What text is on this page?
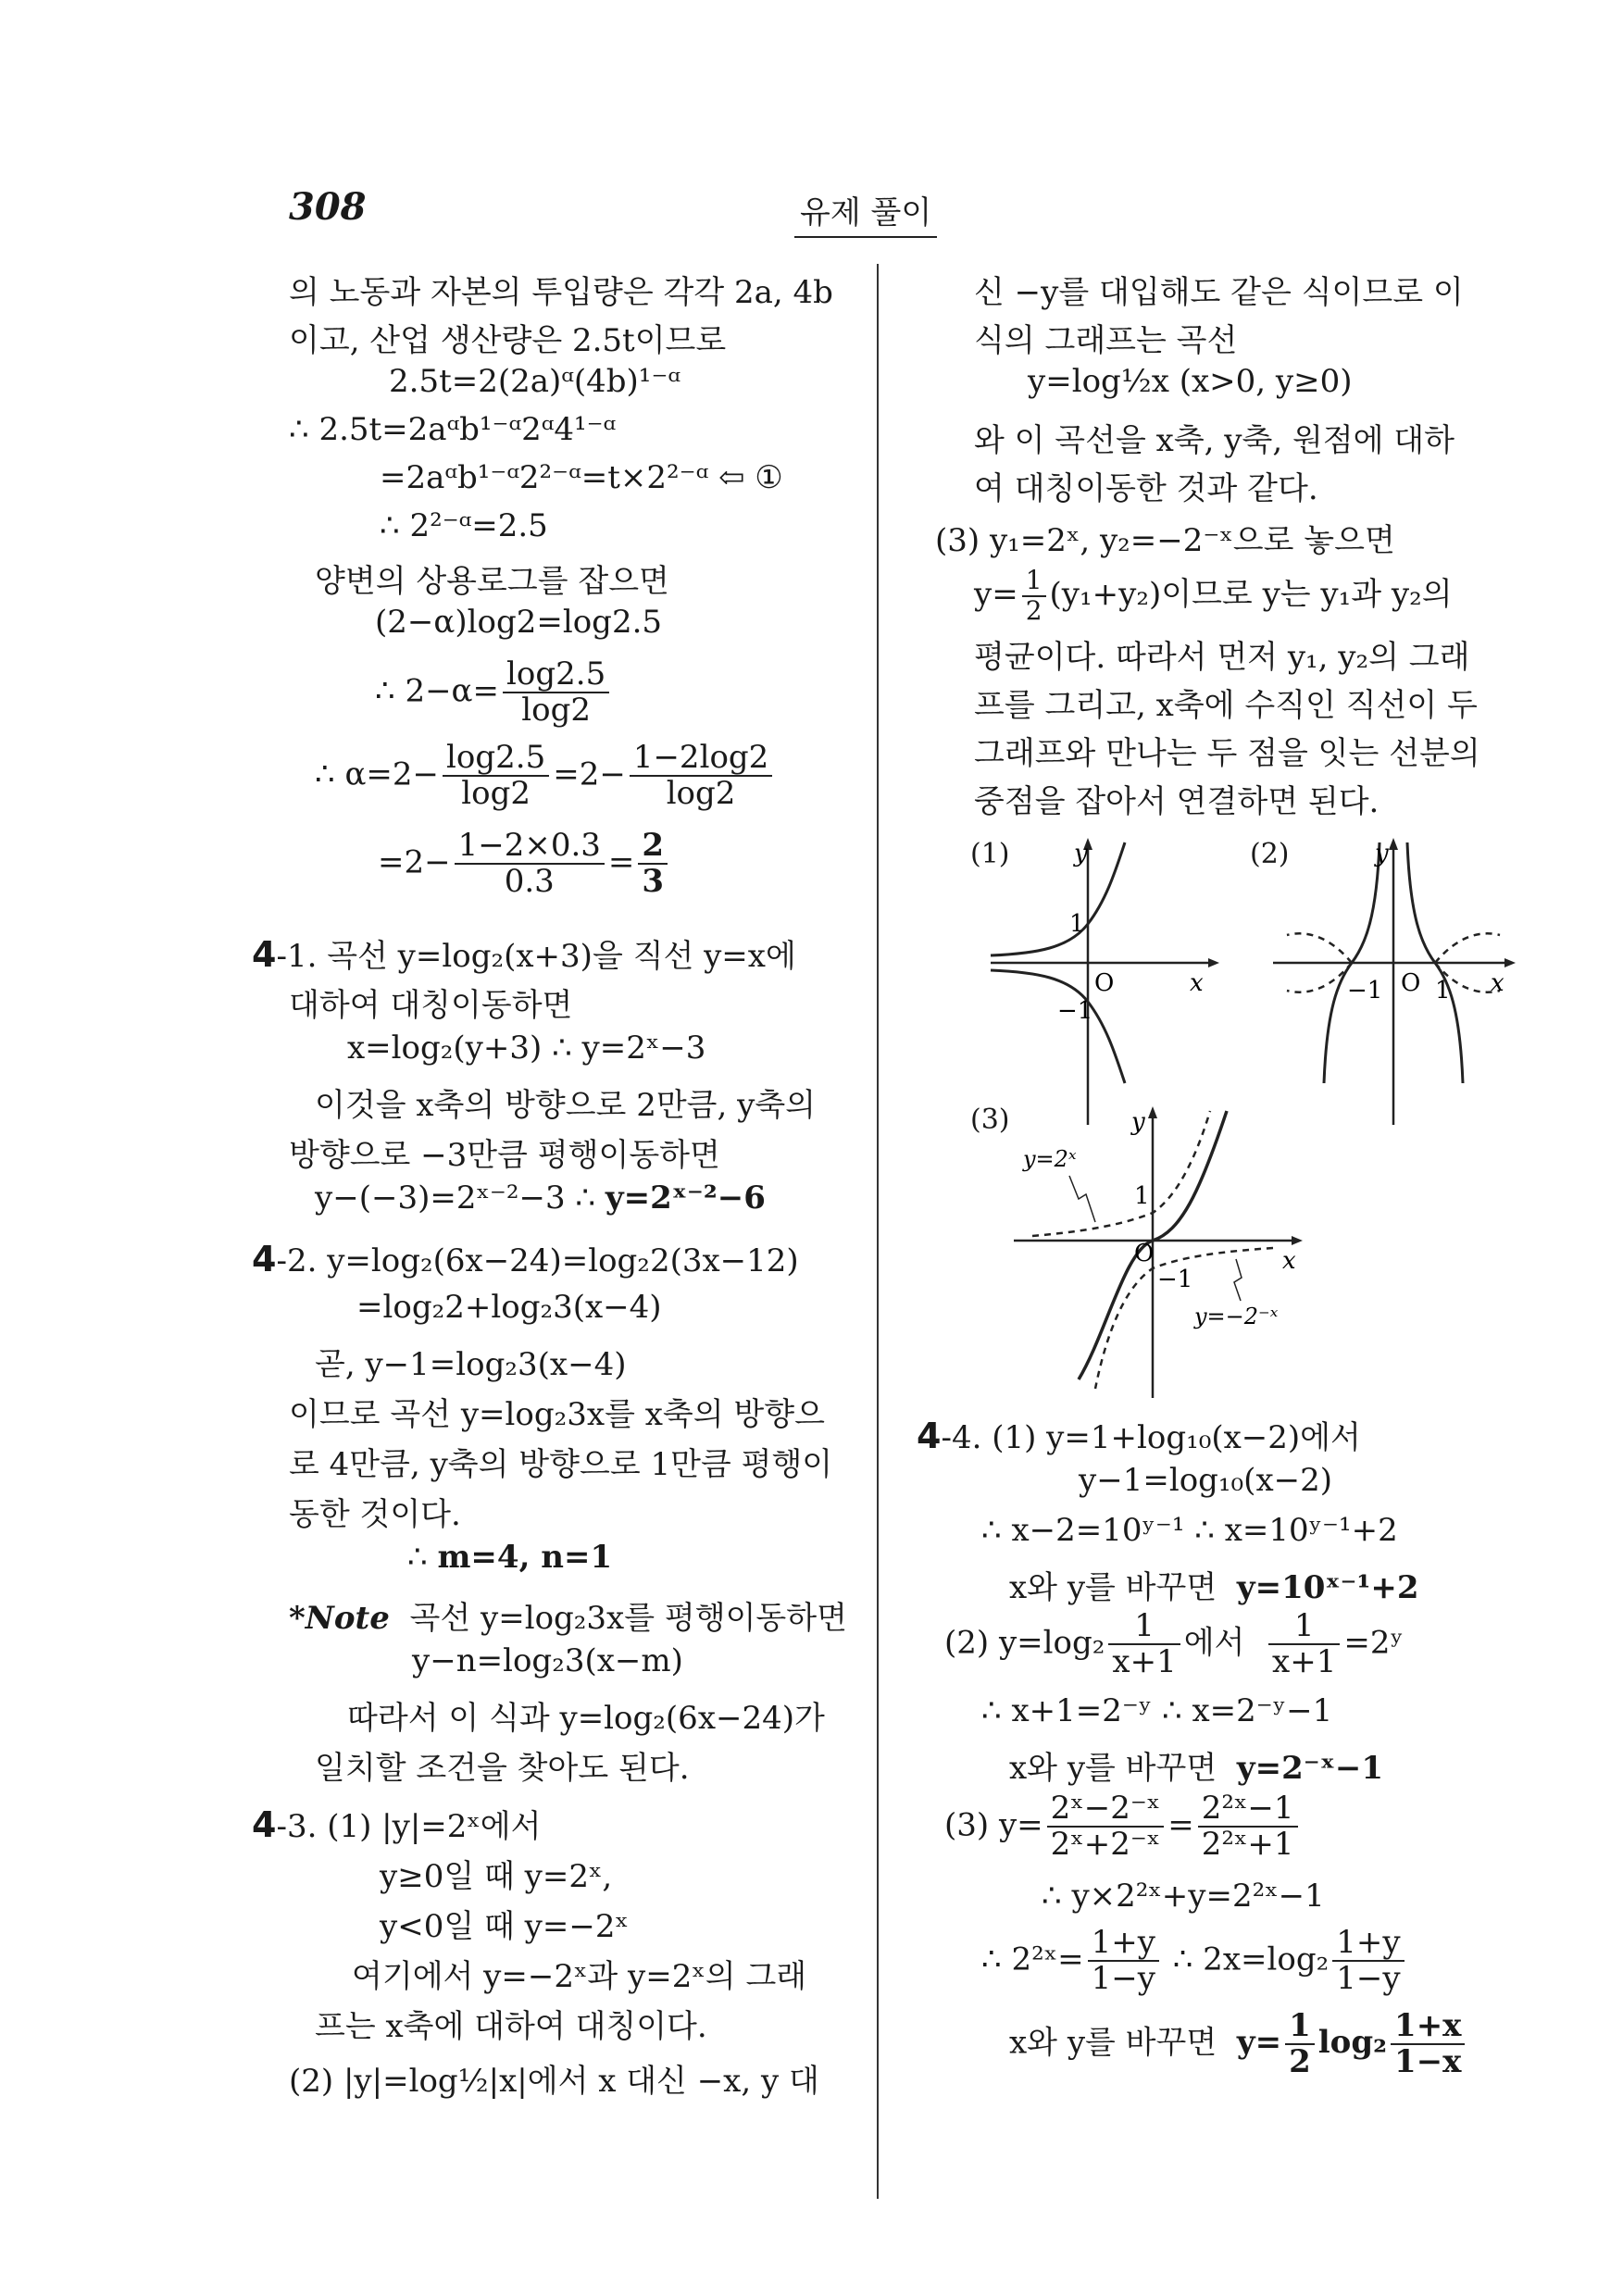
308	유제 풀이
의 노동과 자본의 투입량은 각각 2a, 4b
이고, 산업 생산량은 2.5t이므로
2.5t=2(2a)ᵅ(4b)¹⁻ᵅ
∴ 2.5t=2aᵅb¹⁻ᵅ2ᵅ4¹⁻ᵅ
=2aᵅb¹⁻ᵅ2²⁻ᵅ=t×2²⁻ᵅ ⇦ ①
∴ 2²⁻ᵅ=2.5
양변의 상용로그를 잡으면
(2−α)log2=log2.5
∴ $2-\alpha= \frac{\log 2.5}{\log 2}$
∴ $\alpha=2- \frac{\log 2.5}{\log 2} =2- \frac{1-2\log 2}{\log 2}$
$=2- \frac{1-2\times 0.3}{0.3} = \frac{2}{3}$
4-1. 곡선 y=log₂(x+3)을 직선 y=x에
대하여 대칭이동하면
x=log₂(y+3) ∴ y=2ˣ−3
이것을 x축의 방향으로 2만큼, y축의
방향으로 −3만큼 평행이동하면
y−(−3)=2ˣ⁻²−3 ∴ y=2ˣ⁻²−6
4-2. y=log₂(6x−24)=log₂2(3x−12)
=log₂2+log₂3(x−4)
곧, y−1=log₂3(x−4)
이므로 곡선 y=log₂3x를 x축의 방향으
로 4만큼, y축의 방향으로 1만큼 평행이
동한 것이다.
∴ m=4, n=1
*Note 곡선 y=log₂3x를 평행이동하면
y−n=log₂3(x−m)
따라서 이 식과 y=log₂(6x−24)가
일치할 조건을 찾아도 된다.
4-3. (1) |y|=2ˣ에서
y≥0일 때 y=2ˣ,
y<0일 때 y=−2ˣ
여기에서 y=−2ˣ과 y=2ˣ의 그래
프는 x축에 대하여 대칭이다.
(2) |y|=log½|x|에서 x 대신 −x, y 대
신 −y를 대입해도 같은 식이므로 이
식의 그래프는 곡선
y=log½x (x>0, y≥0)
와 이 곡선을 x축, y축, 원점에 대하
여 대칭이동한 것과 같다.
(3) y₁=2ˣ, y₂=−2⁻ˣ으로 놓으면
$y= \frac{1}{2} (y_1+y_2)$이므로 y는 y₁과 y₂의
평균이다. 따라서 먼저 y₁, y₂의 그래
프를 그리고, x축에 수직인 직선이 두
그래프와 만나는 두 점을 잇는 선분의
중점을 잡아서 연결하면 된다.
(1)	y
x
O
1
−1
(2)	y
x
O 1
−1
(3)	y
x
O
1
−1
y=2ˣ
y=−2⁻ˣ
4-4. (1) y=1+log₁₀(x−2)에서
y−1=log₁₀(x−2)
∴ x−2=10ʸ⁻¹ ∴ x=10ʸ⁻¹+2
x와 y를 바꾸면 y=10ˣ⁻¹+2
(2) $y=\log_2 \frac{1}{x+1}$ 에서 $\frac{1}{x+1}$ =2ʸ
∴ x+1=2⁻ʸ ∴ x=2⁻ʸ−1
x와 y를 바꾸면 y=2⁻ˣ−1
(3) $y= \frac{\text{2ˣ−2⁻ˣ}}{\text{2ˣ+2⁻ˣ}} = \frac{\text{2²ˣ−1}}{\text{2²ˣ+1}}$
∴ y×2²ˣ+y=2²ˣ−1
∴ 2²ˣ= $\frac{1+y}{1-y}$ ∴ $2x=\log_2 \frac{1+y}{1-y}$
x와 y를 바꾸면 $y= \frac{1}{2} \log_2 \frac{1+x}{1-x}$
